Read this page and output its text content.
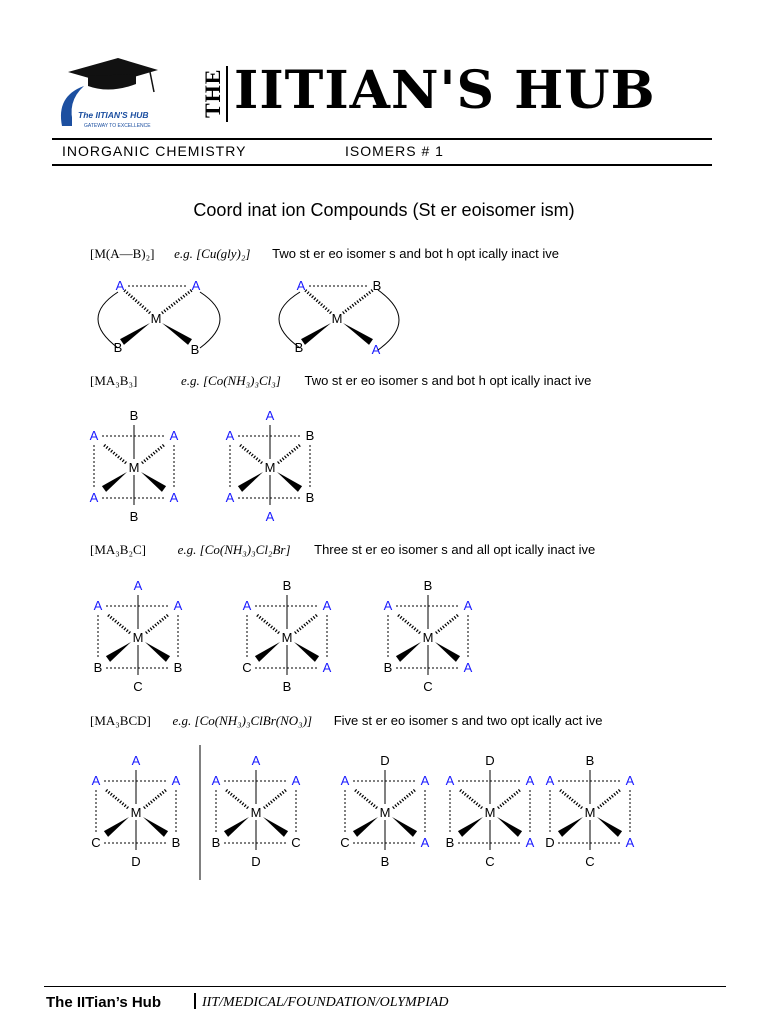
The IITIAN'S HUB
GATEWAY TO EXCELLENCE
THE IITIAN'S HUB
INORGANIC CHEMISTRY	ISOMERS # 1
Coord inat ion Compounds (St er eoisomer ism)
[M(A—B)₂] e.g. [Cu(gly)₂] Two st er eo isomer s and bot h opt ically inact ive
[MA₃B₃]	e.g. [Co(NH₃)₃Cl₃] Two st er eo isomer s and bot h opt ically inact ive
[MA₃B₂C] e.g. [Co(NH₃)₃Cl₂Br] Three st er eo isomer s and all opt ically inact ive
[MA₃BCD] e.g. [Co(NH₃)₃ClBr(NO₃)] Five st er eo isomer s and two opt ically act ive
M
A	A
B	B
M
A	B
B	A
M
B
B
A	A
A	A
M
A
A
A	B
A	B
M
A
C
A	A
B	B
M
B
B
A	A
C	A
M
B
C
A	A
B	A
M
A
D
A	A
C	B
M
A
D
A	A
B	C
M
D
B
A	A
C	A
M
D
C
A	A
B	A
M
B
C
A	A
D	A
The IITian’s Hub	IIT/MEDICAL/FOUNDATION/OLYMPIAD
